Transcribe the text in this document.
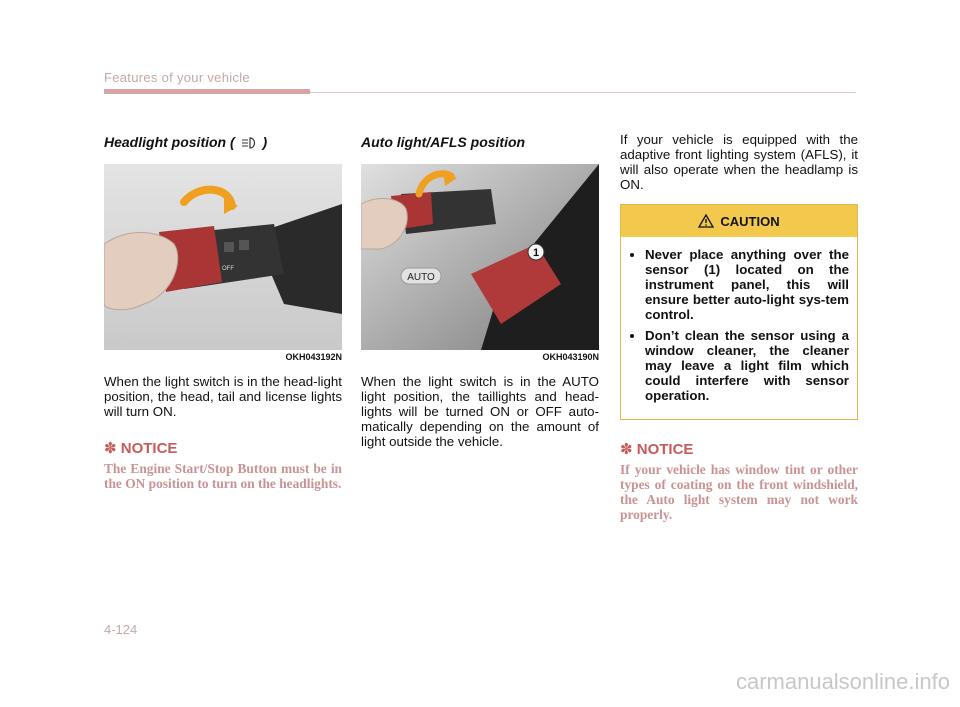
Features of your vehicle
Headlight position ( )
OFF
OKH043192N

When the light switch is in the head-light position, the head, tail and license lights will turn ON.

✽ NOTICE

The Engine Start/Stop Button must be in the ON position to turn on the headlights.

Auto light/AFLS position
AUTO
1
OKH043190N

When the light switch is in the AUTO light position, the taillights and head-lights will be turned ON or OFF auto-matically depending on the amount of light outside the vehicle.

If your vehicle is equipped with the adaptive front lighting system (AFLS), it will also operate when the headlamp is ON.

CAUTION
• Never place anything over the sensor (1) located on the instrument panel, this will ensure better auto-light sys-tem control.
• Don’t clean the sensor using a window cleaner, the cleaner may leave a light film which could interfere with sensor operation.
✽ NOTICE

If your vehicle has window tint or other types of coating on the front windshield, the Auto light system may not work properly.

4-124
carmanualsonline.info
